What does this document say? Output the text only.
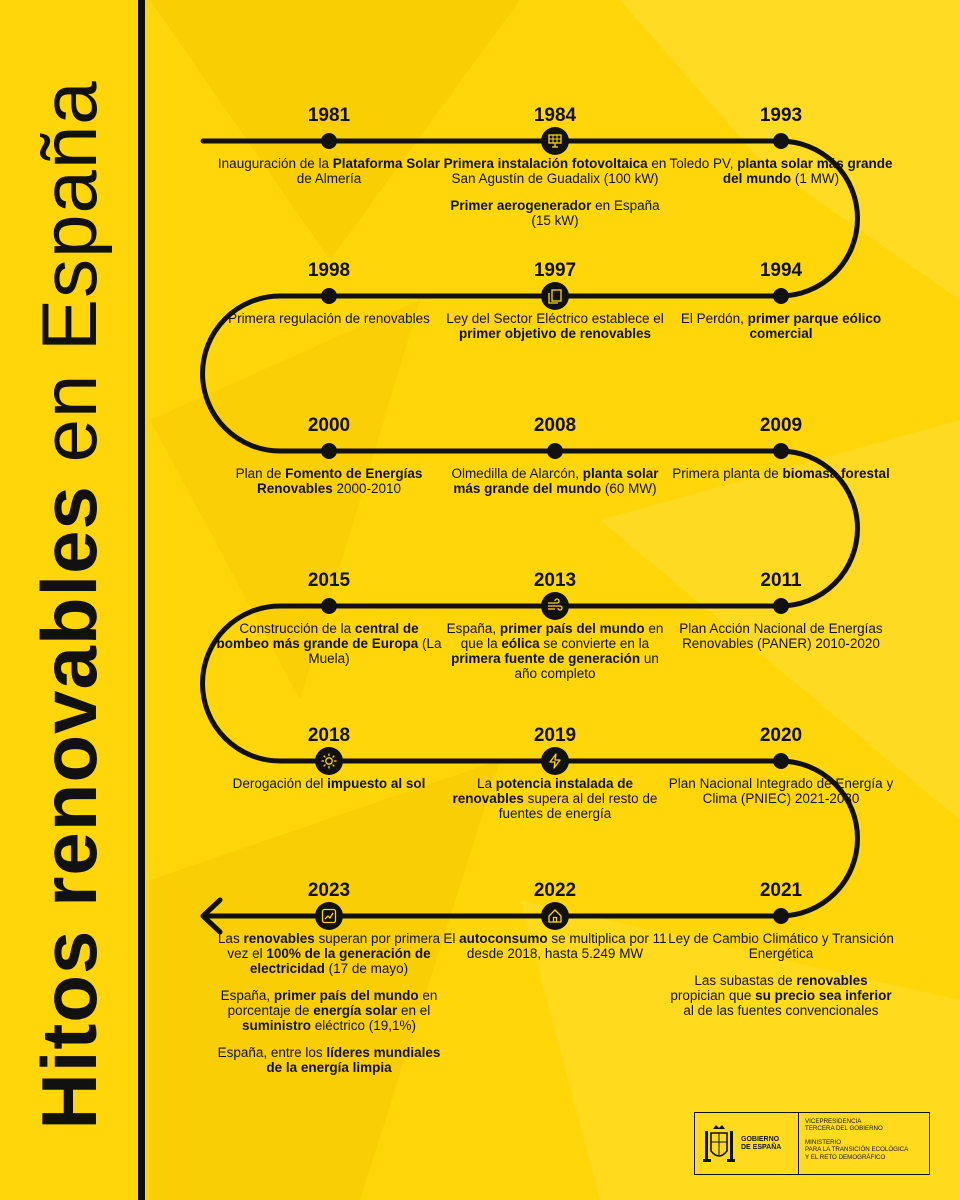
Hitos renovables en España	1981

Inauguración de la Plataforma Solar de Almería

1984

Primera instalación fotovoltaica en San Agustín de Guadalix (100 kW)

Primer aerogenerador en España (15 kW)

1993

Toledo PV, planta solar más grande del mundo (1 MW)

1998

Primera regulación de renovables

1997

Ley del Sector Eléctrico establece el primer objetivo de renovables

1994

El Perdón, primer parque eólico comercial

2000

Plan de Fomento de Energías Renovables 2000-2010

2008

Olmedilla de Alarcón, planta solar más grande del mundo (60 MW)

2009

Primera planta de biomasa forestal

2015

Construcción de la central de bombeo más grande de Europa (La Muela)

2013

España, primer país del mundo en que la eólica se convierte en la primera fuente de generación un año completo

2011

Plan Acción Nacional de Energías Renovables (PANER) 2010-2020

2018

Derogación del impuesto al sol

2019

La potencia instalada de renovables supera al del resto de fuentes de energía

2020

Plan Nacional Integrado de Energía y Clima (PNIEC) 2021-2030

2023

Las renovables superan por primera vez el 100% de la generación de electricidad (17 de mayo)

España, primer país del mundo en porcentaje de energía solar en el suministro eléctrico (19,1%)

España, entre los líderes mundiales de la energía limpia

2022

El autoconsumo se multiplica por 11 desde 2018, hasta 5.249 MW

2021

Ley de Cambio Climático y Transición Energética

Las subastas de renovables propician que su precio sea inferior al de las fuentes convencionales

GOBIERNO
DE ESPAÑA
VICEPRESIDENCIA
TERCERA DEL GOBIERNO
MINISTERIO
PARA LA TRANSICIÓN ECOLÓGICA
Y EL RETO DEMOGRÁFICO
